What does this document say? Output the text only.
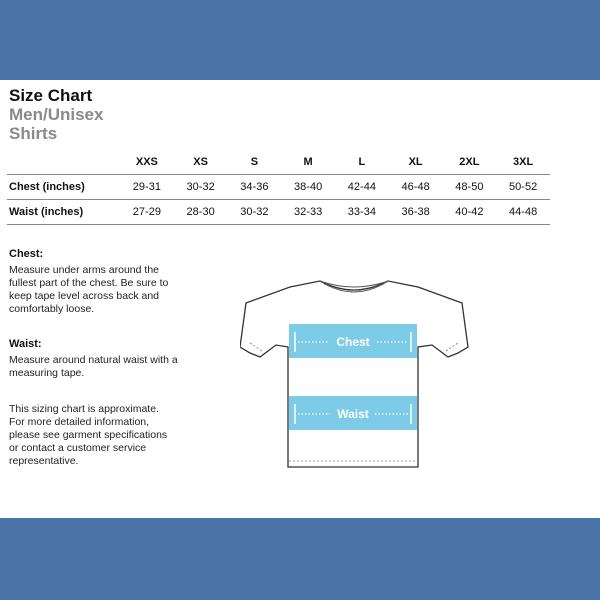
Size Chart
Men/Unisex
Shirts
	XXS	XS	S	M	L	XL	2XL	3XL
Chest (inches)	29-31	30-32	34-36	38-40	42-44	46-48	48-50	50-52
Waist (inches)	27-29	28-30	30-32	32-33	33-34	36-38	40-42	44-48
Chest:
Measure under arms around the fullest part of the chest. Be sure to keep tape level across back and comfortably loose.
Waist:
Measure around natural waist with a measuring tape.
This sizing chart is approximate. For more detailed information, please see garment specifications or contact a customer service representative.
Chest
Waist
